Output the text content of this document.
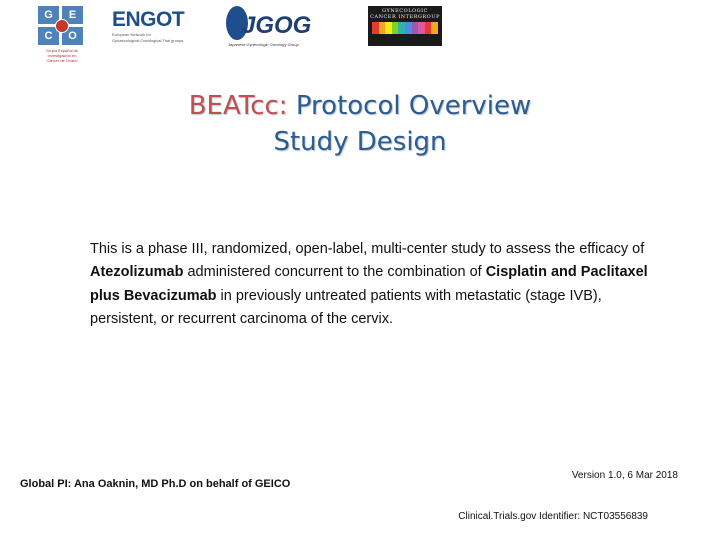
G	E
C	O
Grupo Español de
Investigación en
Cáncer de Ovario
ENGOT
European Network for
Gynaecological Oncological Trial groups
JGOG
Japanese Gynecologic Oncology Group
GYNECOLOGIC
CANCER INTERGROUP
BEATcc: Protocol Overview
Study Design
This is a phase III, randomized, open-label, multi-center study to assess the efficacy of Atezolizumab administered concurrent to the combination of Cisplatin and Paclitaxel plus Bevacizumab in previously untreated patients with metastatic (stage IVB), persistent, or recurrent carcinoma of the cervix.
Global PI: Ana Oaknin, MD Ph.D on behalf of GEICO
Version 1.0, 6 Mar 2018
Clinical.Trials.gov Identifier: NCT03556839
